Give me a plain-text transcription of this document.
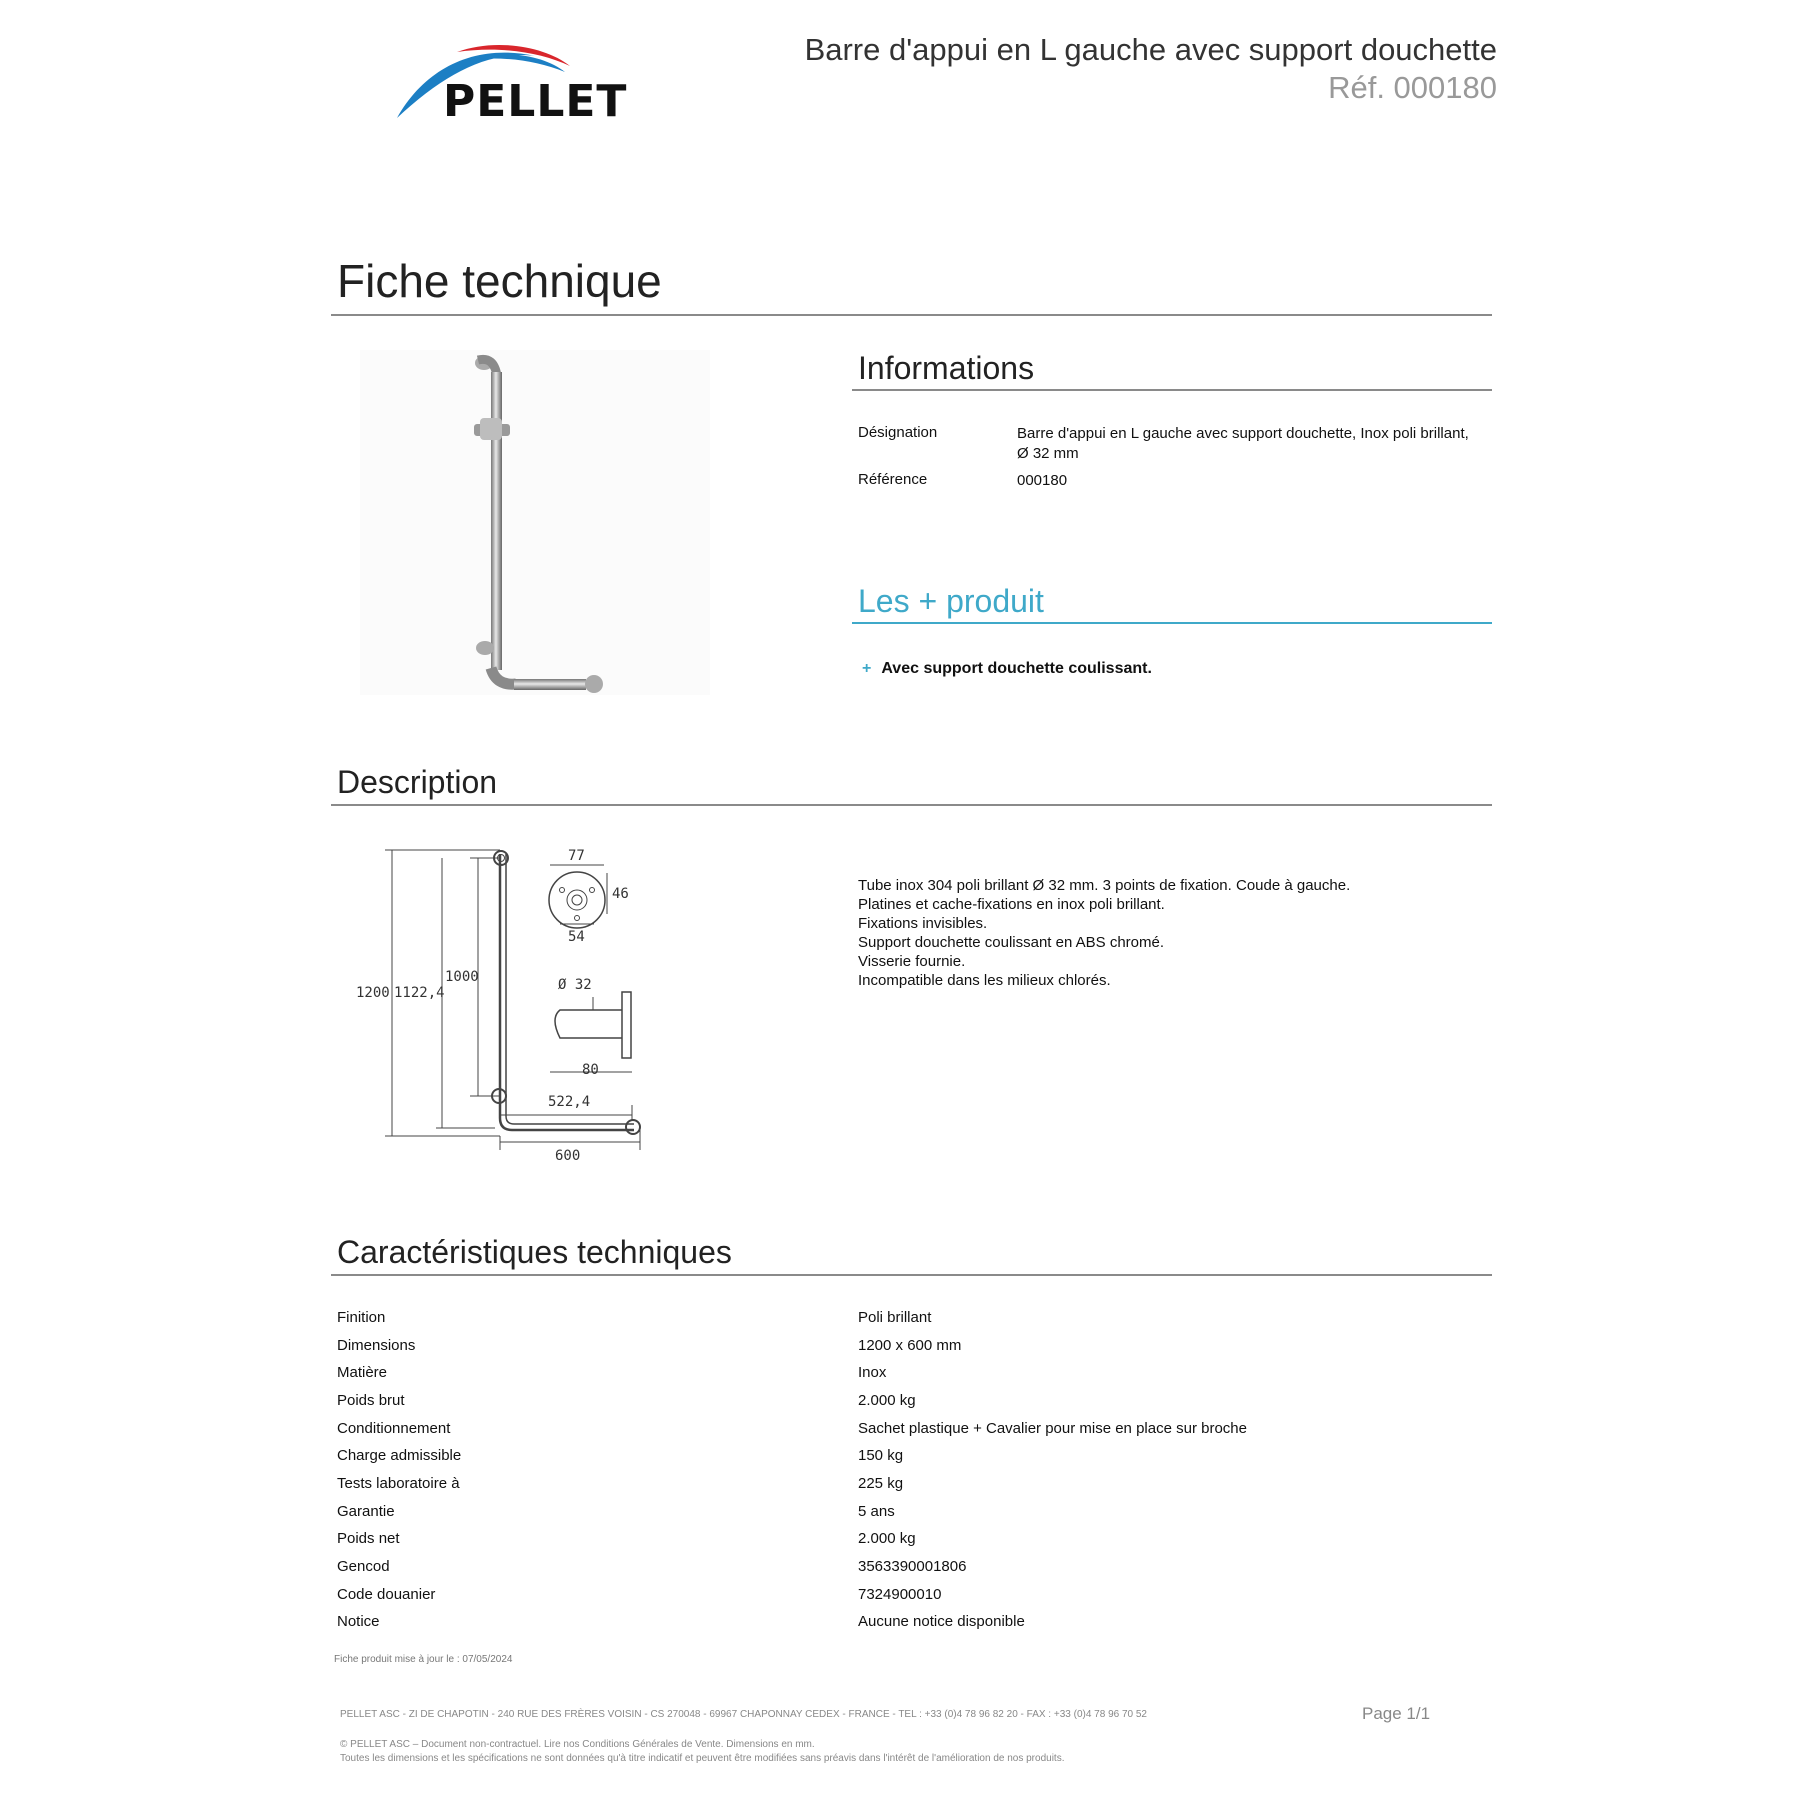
PELLET
Barre d'appui en L gauche avec support douchette
Réf. 000180
Fiche technique
Informations
Désignation	Barre d'appui en L gauche avec support douchette, Inox poli brillant,
Ø 32 mm
Référence	000180
Les + produit
+ Avec support douchette coulissant.
Description
1200 1122,4
1000
77
46
54
Ø 32
80
522,4
600
Tube inox 304 poli brillant Ø 32 mm. 3 points de fixation. Coude à gauche.
Platines et cache-fixations en inox poli brillant.
Fixations invisibles.
Support douchette coulissant en ABS chromé.
Visserie fournie.
Incompatible dans les milieux chlorés.
Caractéristiques techniques
Finition	Poli brillant
Dimensions	1200 x 600 mm
Matière	Inox
Poids brut	2.000 kg
Conditionnement	Sachet plastique + Cavalier pour mise en place sur broche
Charge admissible	150 kg
Tests laboratoire à	225 kg
Garantie	5 ans
Poids net	2.000 kg
Gencod	3563390001806
Code douanier	7324900010
Notice	Aucune notice disponible
Fiche produit mise à jour le : 07/05/2024
PELLET ASC - ZI DE CHAPOTIN - 240 RUE DES FRÈRES VOISIN - CS 270048 - 69967 CHAPONNAY CEDEX - FRANCE - TEL : +33 (0)4 78 96 82 20 - FAX : +33 (0)4 78 96 70 52	Page 1/1
© PELLET ASC – Document non-contractuel. Lire nos Conditions Générales de Vente. Dimensions en mm.
Toutes les dimensions et les spécifications ne sont données qu'à titre indicatif et peuvent être modifiées sans préavis dans l'intérêt de l'amélioration de nos produits.
